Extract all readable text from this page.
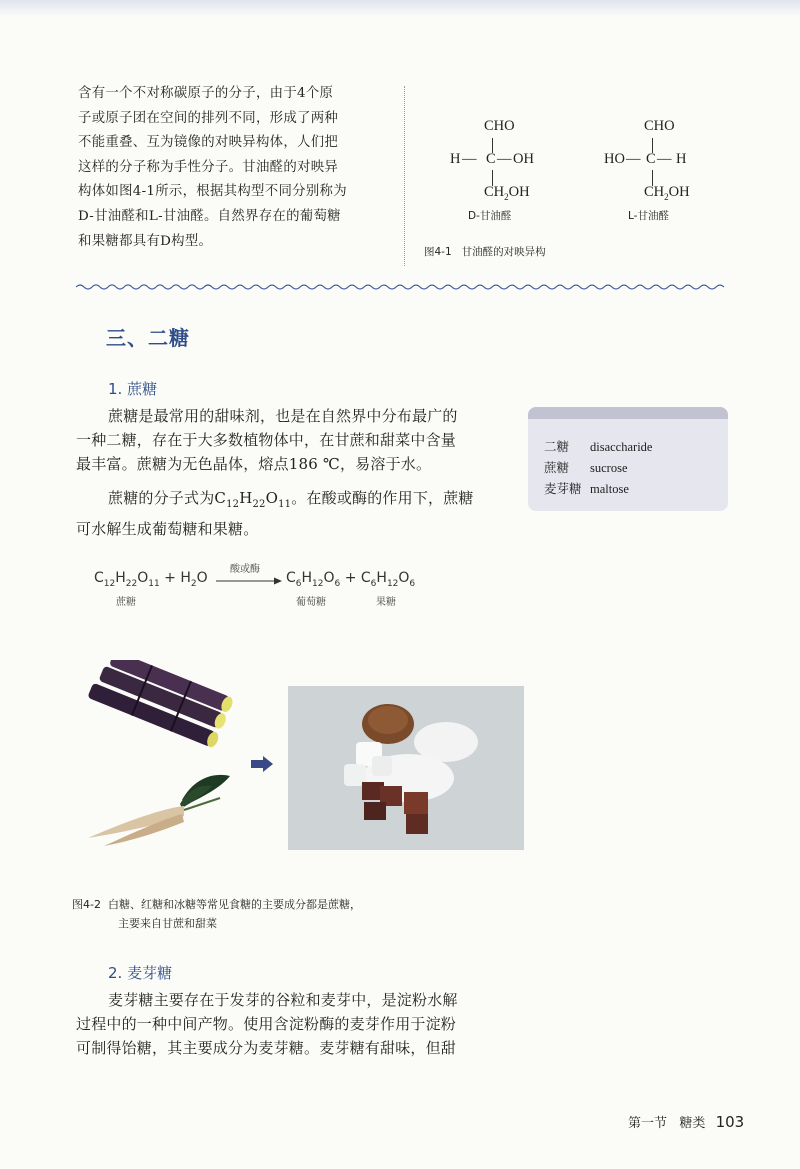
含有一个不对称碳原子的分子，由于4个原
子或原子团在空间的排列不同，形成了两种
不能重叠、互为镜像的对映异构体，人们把
这样的分子称为手性分子。甘油醛的对映异
构体如图4-1所示，根据其构型不同分别称为
D-甘油醛和L-甘油醛。自然界存在的葡萄糖
和果糖都具有D构型。
CHO
H — C — OH
$CH_2OH$
D-甘油醛
CHO
HO — C — H
$CH_2OH$
L-甘油醛
图4-1 甘油醛的对映异构
三、二糖
1. 蔗糖
蔗糖是最常用的甜味剂，也是在自然界中分布最广的
一种二糖，存在于大多数植物体中，在甘蔗和甜菜中含量
最丰富。蔗糖为无色晶体，熔点186 ℃，易溶于水。
蔗糖的分子式为$C_{12}H_{22}O_{11}$。在酸或酶的作用下，蔗糖
可水解生成葡萄糖和果糖。
二糖 disaccharide
蔗糖 sucrose
麦芽糖 maltose
$C_{12}H_{22}O_{11} + H_2O$
酸或酶
$C_6H_{12}O_6 + C_6H_{12}O_6$
蔗糖	葡萄糖	果糖
图4-2 白糖、红糖和冰糖等常见食糖的主要成分都是蔗糖，
主要来自甘蔗和甜菜
2. 麦芽糖
麦芽糖主要存在于发芽的谷粒和麦芽中，是淀粉水解
过程中的一种中间产物。使用含淀粉酶的麦芽作用于淀粉
可制得饴糖，其主要成分为麦芽糖。麦芽糖有甜味，但甜
第一节 糖类 103
